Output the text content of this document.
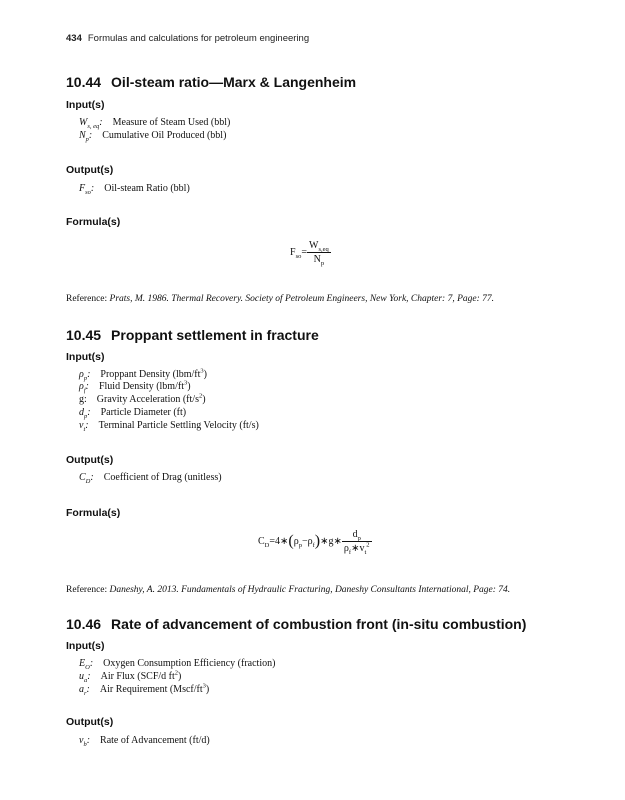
434 Formulas and calculations for petroleum engineering
10.44 Oil-steam ratio—Marx & Langenheim
Input(s)
$W_{s, eq}$: Measure of Steam Used (bbl)
$N_p$: Cumulative Oil Produced (bbl)
Output(s)
$F_{so}$: Oil-steam Ratio (bbl)
Formula(s)
$F_{so}= \frac{W_{s,eq}}{N_p}$
Reference: Prats, M. 1986. Thermal Recovery. Society of Petroleum Engineers, New York, Chapter: 7, Page: 77.
10.45 Proppant settlement in fracture
Input(s)
$\rho_p$: Proppant Density $(lbm/ft^3)$
$\rho_f$: Fluid Density $(lbm/ft^3)$
g: Gravity Acceleration $(ft/s^2)$
$d_p$: Particle Diameter (ft)
$v_t$: Terminal Particle Settling Velocity (ft/s)
Output(s)
$C_D$: Coefficient of Drag (unitless)
Formula(s)
$C_D=4∗(\rho_p-\rho_f)∗g∗ \frac{d_p}{\rho_f∗v_t^2}$
Reference: Daneshy, A. 2013. Fundamentals of Hydraulic Fracturing, Daneshy Consultants International, Page: 74.
10.46 Rate of advancement of combustion front (in-situ combustion)
Input(s)
$E_O$: Oxygen Consumption Efficiency (fraction)
$u_a$: Air Flux (SCF/d $ft^2$)
$a_r$: Air Requirement $(Mscf/ft^3)$
Output(s)
$v_b$: Rate of Advancement (ft/d)
